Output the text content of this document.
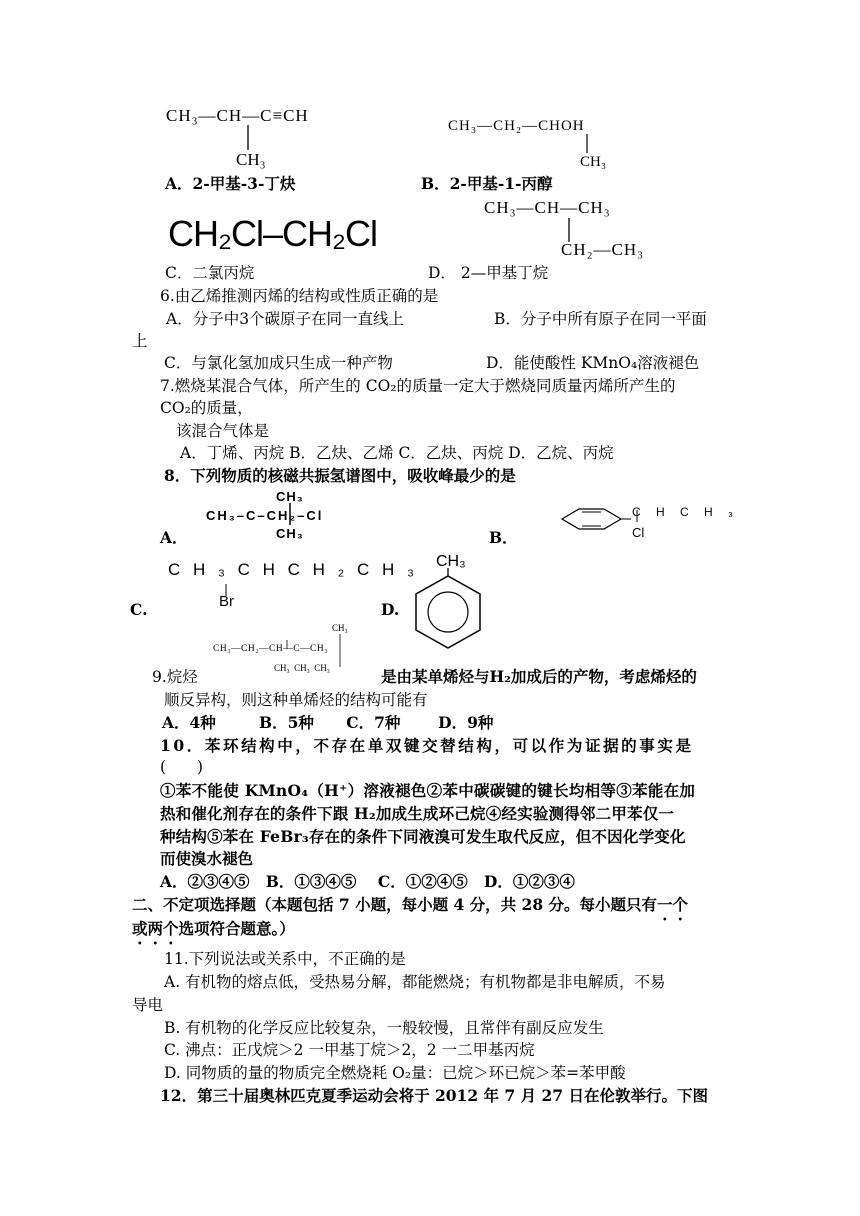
CH₃—CH—C≡CH
CH₃
CH₃—CH₂—CHOH
CH₃
A．2-甲基-3-丁炔	B．2-甲基-1-丙醇
CH₃—CH—CH₃
CH₂Cl–CH₂Cl	CH₂—CH₃
C．二氯丙烷	D． 2—甲基丁烷
6.由乙烯推测丙烯的结构或性质正确的是
A．分子中3个碳原子在同一直线上	B．分子中所有原子在同一平面
上
C．与氯化氢加成只生成一种产物	D．能使酸性 KMnO₄溶液褪色
7.燃烧某混合气体，所产生的 CO₂的质量一定大于燃烧同质量丙烯所产生的
CO₂的质量，
该混合气体是
A．丁烯、丙烷 B．乙炔、乙烯 C．乙炔、丙烷 D．乙烷、丙烷
8．下列物质的核磁共振氢谱图中，吸收峰最少的是
CH₃
CH₃–C–CH₂–Cl
CH₃
A．	B．
C H C H ₃
Cl
C H ₃ C H C H ₂ C H ₃
Br
C.	D.
CH₃
CH₃
CH₃—CH₂—CH—C—CH₃
CH₃  CH₃  CH₃
9.烷烃	是由某单烯烃与H₂加成后的产物，考虑烯烃的
顺反异构，则这种单烯烃的结构可能有
A．4种        B．5种      C．7种       D．9种
10．苯环结构中，不存在单双键交替结构，可以作为证据的事实是
(　　)
①苯不能使 KMnO₄（H⁺）溶液褪色②苯中碳碳键的键长均相等③苯能在加
热和催化剂存在的条件下跟 H₂加成生成环己烷④经实验测得邻二甲苯仅一
种结构⑤苯在 FeBr₃存在的条件下同液溴可发生取代反应，但不因化学变化
而使溴水褪色
A．②③④⑤   B．①③④⑤    C．①②④⑤   D．①②③④
二、不定项选择题（本题包括 7 小题，每小题 4 分，共 28 分。每小题只有一个
或两个选项符合题意。）
11.下列说法或关系中，不正确的是
A. 有机物的熔点低，受热易分解，都能燃烧；有机物都是非电解质，不易
导电
B. 有机物的化学反应比较复杂，一般较慢，且常伴有副反应发生
C. 沸点：正戊烷＞2 一甲基丁烷＞2，2 一二甲基丙烷
D. 同物质的量的物质完全燃烧耗 O₂量：已烷＞环已烷＞苯=苯甲酸
12．第三十届奥林匹克夏季运动会将于 2012 年 7 月 27 日在伦敦举行。下图
